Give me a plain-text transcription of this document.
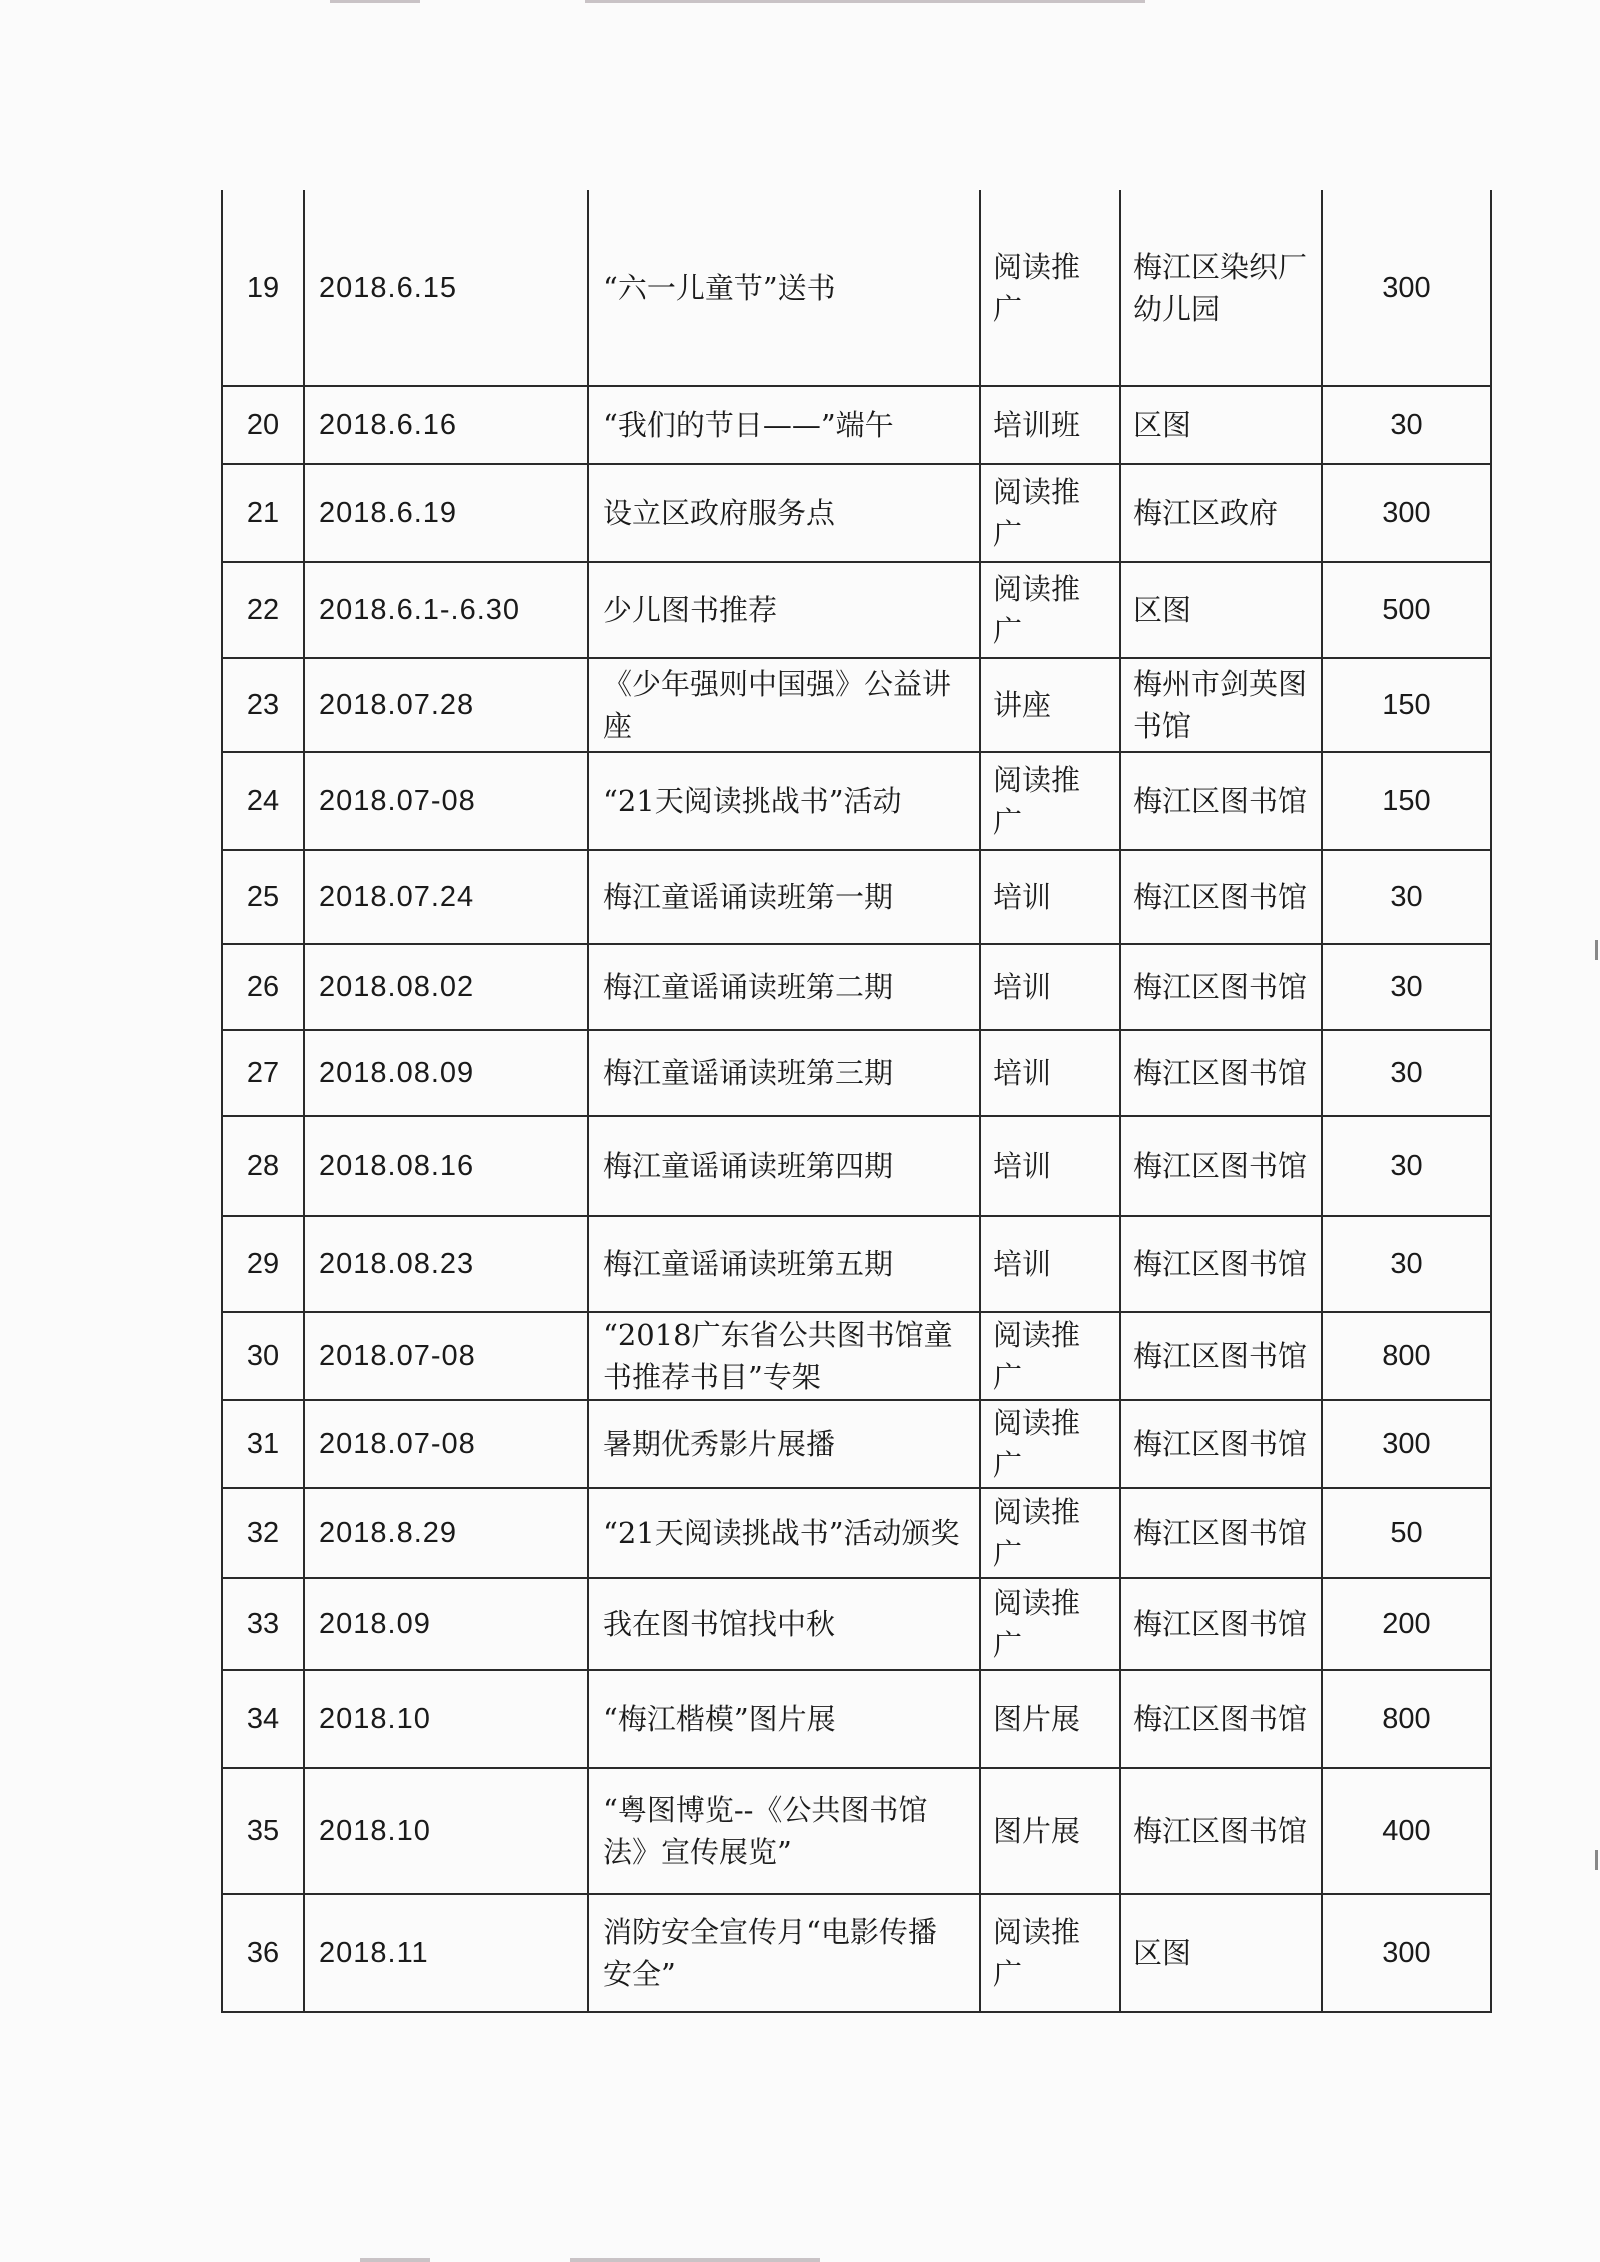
19	2018.6.15	“六一儿童节”送书	阅读推广	梅江区染织厂幼儿园	300
20	2018.6.16	“我们的节日——”端午	培训班	区图	30
21	2018.6.19	设立区政府服务点	阅读推广	梅江区政府	300
22	2018.6.1-.6.30	少儿图书推荐	阅读推广	区图	500
23	2018.07.28	《少年强则中国强》公益讲座	讲座	梅州市剑英图书馆	150
24	2018.07-08	“21天阅读挑战书”活动	阅读推广	梅江区图书馆	150
25	2018.07.24	梅江童谣诵读班第一期	培训	梅江区图书馆	30
26	2018.08.02	梅江童谣诵读班第二期	培训	梅江区图书馆	30
27	2018.08.09	梅江童谣诵读班第三期	培训	梅江区图书馆	30
28	2018.08.16	梅江童谣诵读班第四期	培训	梅江区图书馆	30
29	2018.08.23	梅江童谣诵读班第五期	培训	梅江区图书馆	30
30	2018.07-08	“2018广东省公共图书馆童书推荐书目”专架	阅读推广	梅江区图书馆	800
31	2018.07-08	暑期优秀影片展播	阅读推广	梅江区图书馆	300
32	2018.8.29	“21天阅读挑战书”活动颁奖	阅读推广	梅江区图书馆	50
33	2018.09	我在图书馆找中秋	阅读推广	梅江区图书馆	200
34	2018.10	“梅江楷模”图片展	图片展	梅江区图书馆	800
35	2018.10	“粤图博览--《公共图书馆法》宣传展览”	图片展	梅江区图书馆	400
36	2018.11	消防安全宣传月“电影传播安全”	阅读推广	区图	300
